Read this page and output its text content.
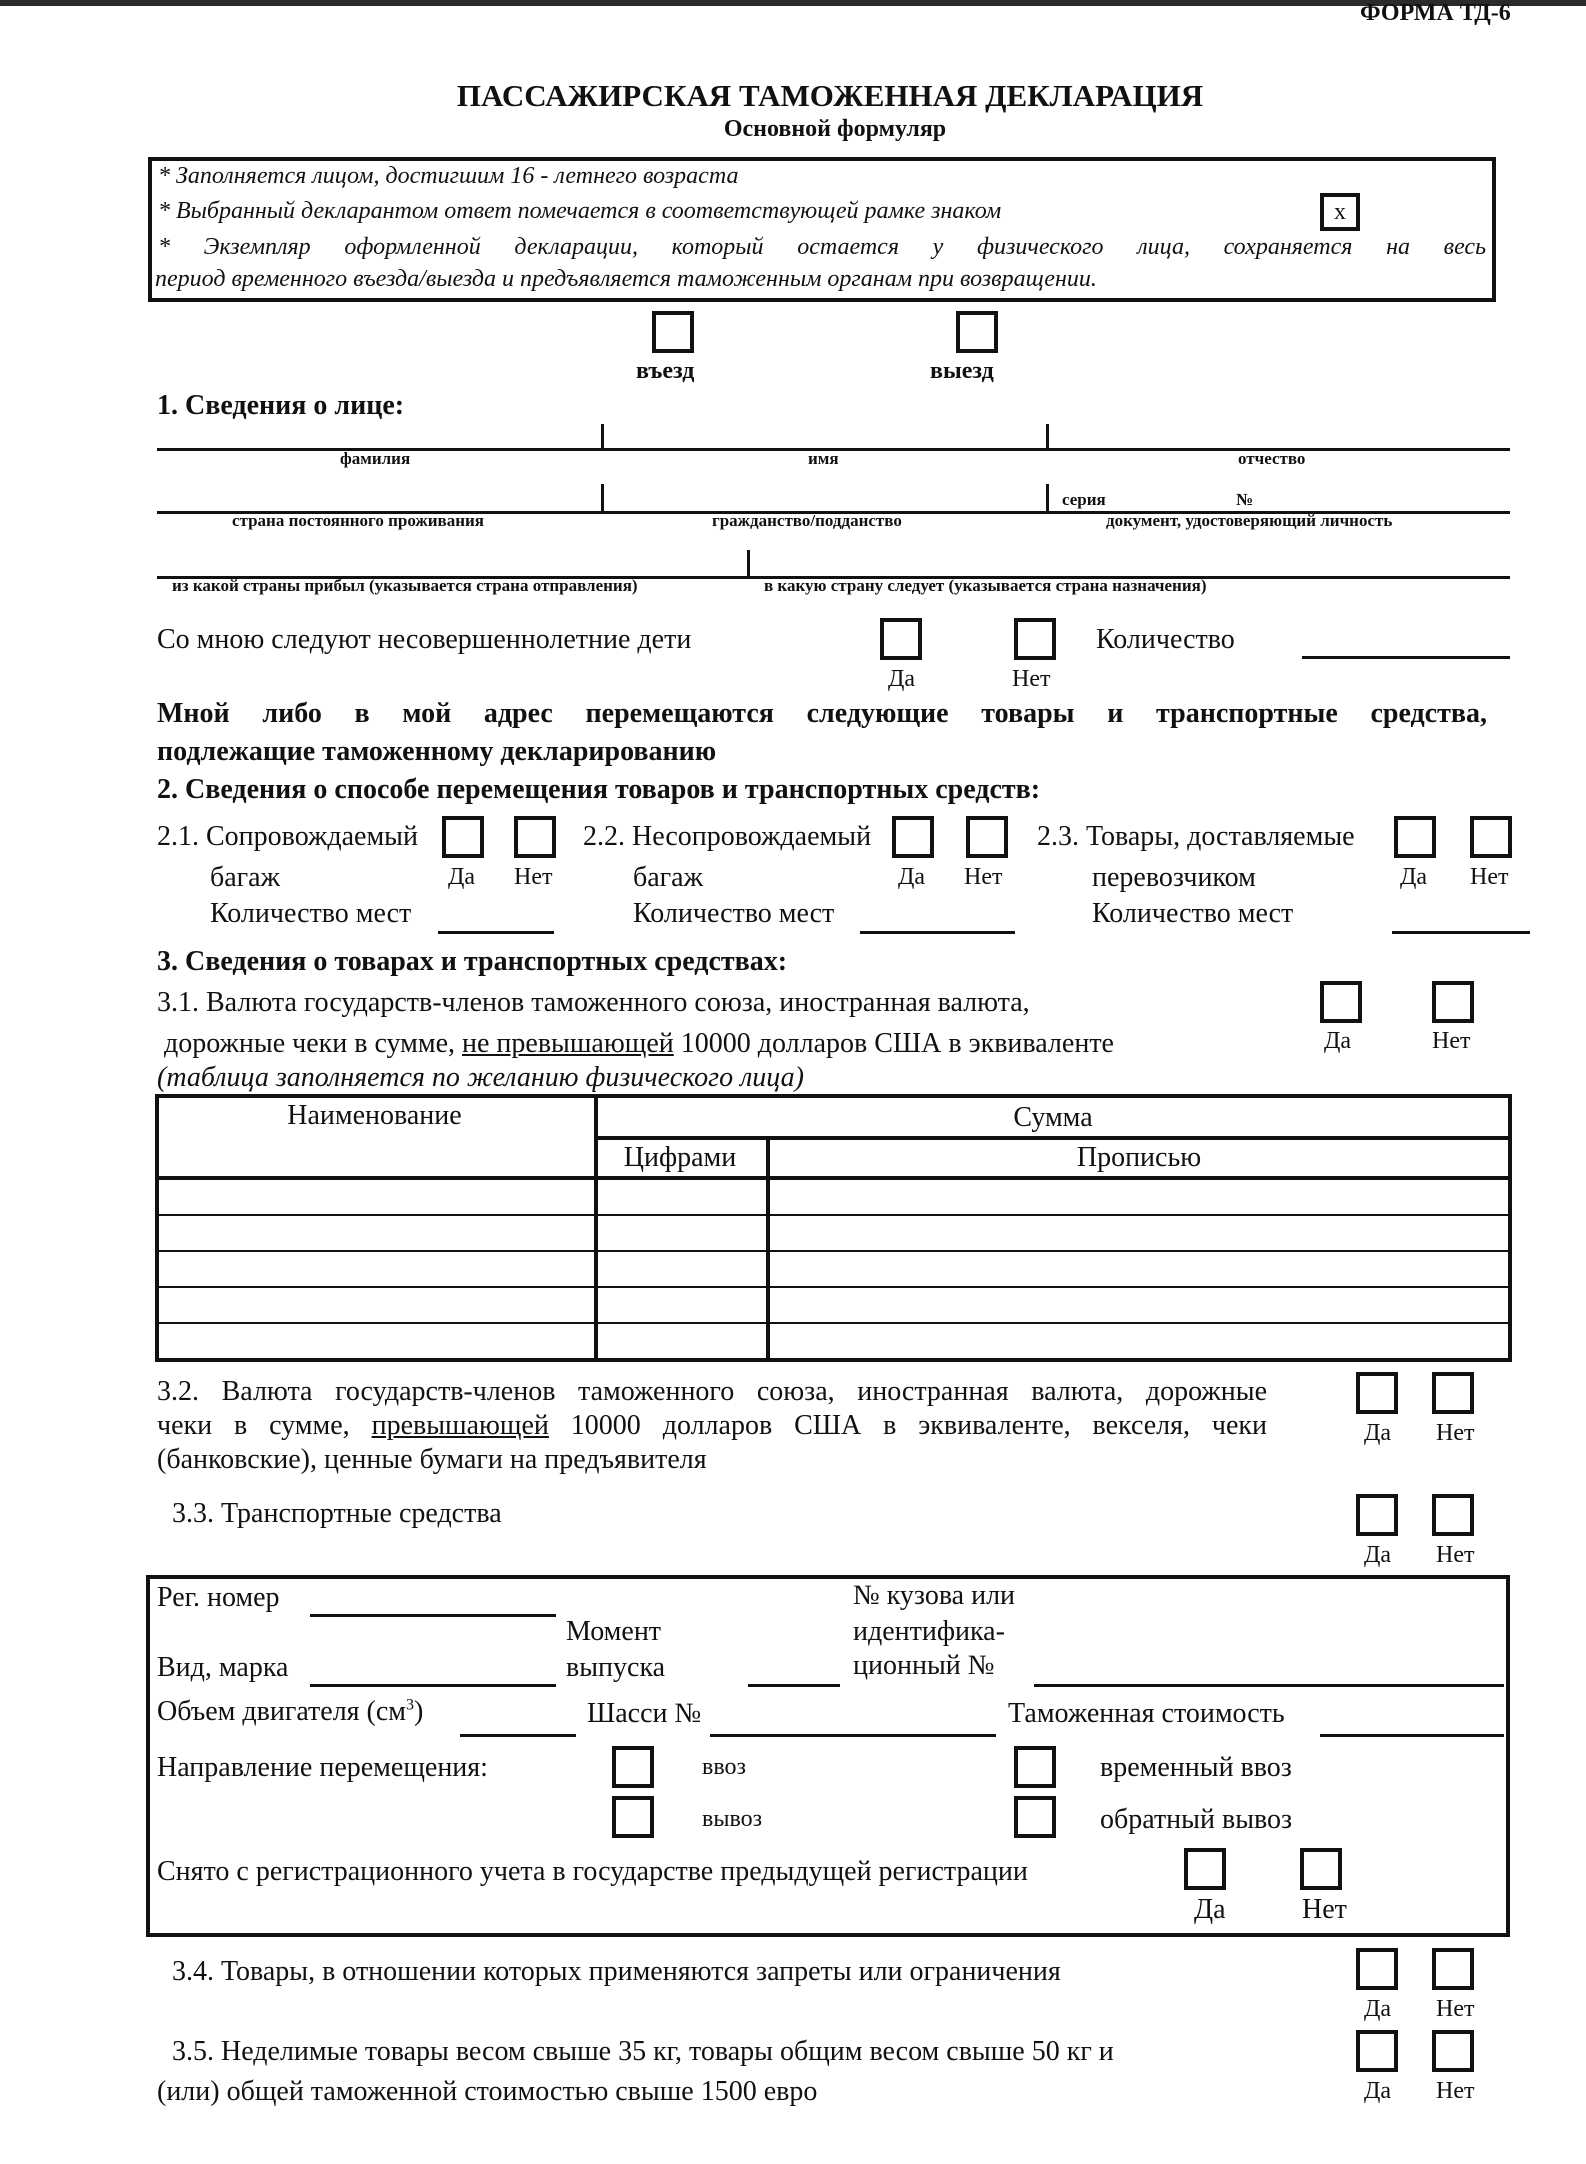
ФОРМА ТД-6
ПАССАЖИРСКАЯ ТАМОЖЕННАЯ ДЕКЛАРАЦИЯ
Основной формуляр
* Заполняется лицом, достигшим 16 - летнего возраста
* Выбранный декларантом ответ помечается в соответствующей рамке знаком	x
* Экземпляр оформленной декларации, который остается у физического лица, сохраняется на весь
период временного въезда/выезда и предъявляется таможенным органам при возвращении.
въезд	выезд
1. Сведения о лице:
фамилия	имя	отчество
серия	№
страна постоянного проживания	гражданство/подданство	документ, удостоверяющий личность
из какой страны прибыл (указывается страна отправления)	в какую страну следует (указывается страна назначения)
Со мною следуют несовершеннолетние дети
Да	Нет
Количество
Мной либо в мой адрес перемещаются следующие товары и транспортные средства,
подлежащие таможенному декларированию
2. Сведения о способе перемещения товаров и транспортных средств:
2.1. Сопровождаемый
багаж
Количество мест
Да Нет
2.2. Несопровождаемый
багаж
Количество мест
Да Нет
2.3. Товары, доставляемые
перевозчиком
Количество мест
Да Нет
3. Сведения о товарах и транспортных средствах:
3.1. Валюта государств-членов таможенного союза, иностранная валюта,
дорожные чеки в сумме, не превышающей 10000 долларов США в эквиваленте
(таблица заполняется по желанию физического лица)
Да	Нет
Наименование	Сумма
Цифрами	Прописью
3.2. Валюта государств-членов таможенного союза, иностранная валюта, дорожные
чеки в сумме, превышающей 10000 долларов США в эквиваленте, векселя, чеки
(банковские), ценные бумаги на предъявителя
Да Нет
3.3. Транспортные средства
Да Нет
Рег. номер
Момент
выпуска
№ кузова или
идентифика-
ционный №
Вид, марка
Объем двигателя $(см^3)$	Шасси №	Таможенная стоимость
Направление перемещения:	ввоз	временный ввоз
вывоз	обратный вывоз
Снято с регистрационного учета в государстве предыдущей регистрации
Да	Нет
3.4. Товары, в отношении которых применяются запреты или ограничения
Да Нет
3.5. Неделимые товары весом свыше 35 кг, товары общим весом свыше 50 кг и
(или) общей таможенной стоимостью свыше 1500 евро	Да Нет
